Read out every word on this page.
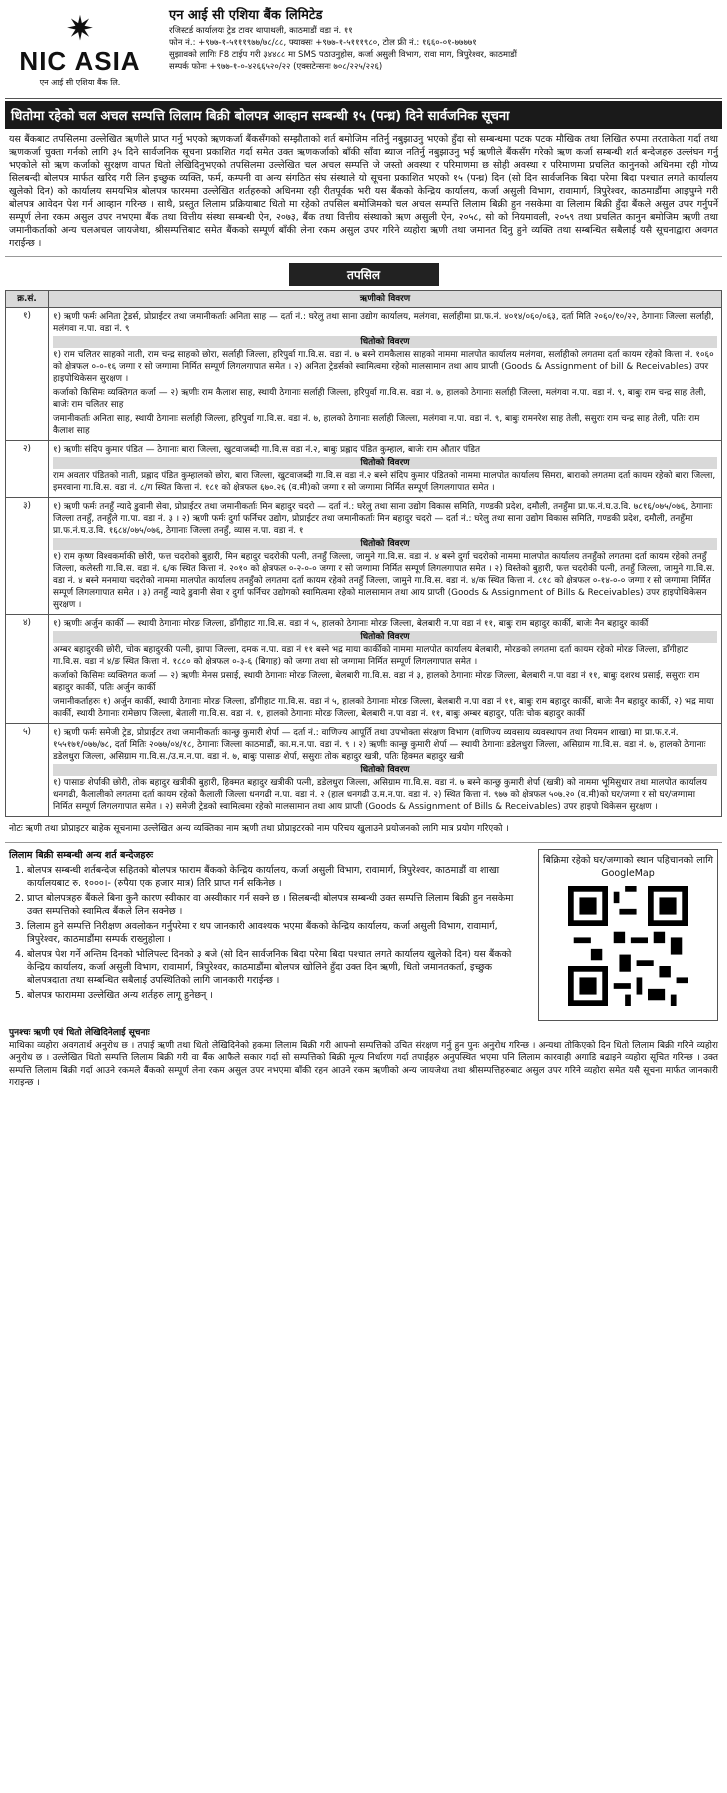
✷
NIC ASIA
एन आई सी एशिया बैंक लि.
एन आई सी एशिया बैंक लिमिटेड
रजिस्टर्ड कार्यालयः ट्रेड टावर थापाथली, काठमाडौं वडा नं. ११
फोन नं.: +९७७-१-५१११९७७/७८/८८, फ्याक्सः +९७७-१-५१११९८०, टोल फ्री नं.: १६६०-०१-७७७७१
सुझावको लागिः F8 टाईप गरी ३४४८८ मा SMS पठाउनुहोस, कर्जा असुली विभाग, रावा माग, त्रिपुरेश्वर, काठमाडौं
सम्पर्क फोनः +९७७-१-०-४२६६५२०/२२ (एक्सटेन्सनः ७०८/२२५/२२६)
धितोमा रहेको चल अचल सम्पत्ति लिलाम बिक्री बोलपत्र आव्हान सम्बन्धी १५ (पन्ध्र) दिने सार्वजनिक सूचना
यस बैंकबाट तपसिलमा उल्लेखित ऋणीले प्राप्त गर्नु भएको ऋणकर्जा बैंकसँगको सम्झौताको शर्त बमोजिम नतिर्नु नबुझाउनु भएको हुँदा सो सम्बन्धमा पटक पटक मौखिक तथा लिखित रुपमा तरताकेता गर्दा तथा ऋणकर्जा चुक्ता गर्नको लागि ३५ दिने सार्वजनिक सूचना प्रकाशित गर्दा समेत उक्त ऋणकर्जाको बाँकी साँवा ब्याज नतिर्नु नबुझाउनु भई ऋणीले बैंकसँग गरेको ऋण कर्जा सम्बन्धी शर्त बन्देजहरु उल्लंघन गर्नु भएकोले सो ऋण कर्जाको सुरक्षण वापत धितो लेखिदिनुभएको तपसिलमा उल्लेखित चल अचल सम्पत्ति जे जस्तो अवस्था र परिमाणमा छ सोही अवस्था र परिमाणमा प्रचलित कानुनको अधिनमा रही गोप्य सिलबन्दी बोलपत्र मार्फत खरिद गरी लिन इच्छुक व्यक्ति, फर्म, कम्पनी वा अन्य संगठित संघ संस्थाले यो सूचना प्रकाशित भएको १५ (पन्ध्र) दिन (सो दिन सार्वजनिक बिदा परेमा बिदा पश्चात लगते कार्यालय खुलेको दिन) को कार्यालय समयभित्र बोलपत्र फारममा उल्लेखित शर्तहरुको अधिनमा रही रीतपूर्वक भरी यस बैंकको केन्द्रिय कार्यालय, कर्जा असुली विभाग, रावामार्ग, त्रिपुरेश्वर, काठमाडौंमा आइपुग्ने गरी बोलपत्र आवेदन पेश गर्न आव्हान गरिन्छ । साथै, प्रस्तुत लिलाम प्रक्रियाबाट धितो मा रहेको तपसिल बमोजिमको चल अचल सम्पत्ति लिलाम बिक्री हुन नसकेमा वा लिलाम बिक्री हुँदा बैंकले असुल उपर गर्नुपर्ने सम्पूर्ण लेना रकम असुल उपर नभएमा बैंक तथा वित्तीय संस्था सम्बन्धी ऐन, २०७३, बैंक तथा वित्तीय संस्थाको ऋण असुली ऐन, २०५८, सो को नियमावली, २०५९ तथा प्रचलित कानुन बमोजिम ऋणी तथा जमानीकर्ताको अन्य चलअचल जायजेथा, श्रीसम्पत्तिबाट समेत बैंकको सम्पूर्ण बाँकी लेना रकम असुल उपर गरिने व्यहोरा ऋणी तथा जमानत दिनु हुने व्यक्ति तथा सम्बन्धित सबैलाई यसै सूचनाद्वारा अवगत गराईन्छ ।
तपसिल
क्र.सं.	ऋणीको विवरण
१)	१) ऋणी फर्मः अनिता ट्रेडर्स, प्रोप्राईटर तथा जमानीकर्ताः अनिता साह — दर्ता नं.: घरेलु तथा साना उद्योग कार्यालय, मलंगवा, सर्लाहीमा प्रा.फ.नं. ४०१४/०६०/०६३, दर्ता मिति २०६०/१०/२२, ठेगानाः जिल्ला सर्लाही, मलंगवा न.पा. वडा नं. ९
धितोको विवरण
१) राम चलितर साहको नाती, राम चन्द्र साहको छोरा, सर्लाही जिल्ला, हरिपुर्वा गा.वि.स. वडा नं. ७ बस्ने रामकैलास साहको नाममा मालपोत कार्यालय मलंगवा, सर्लाहीको लगतमा दर्ता कायम रहेको कित्ता नं. १०६० को क्षेत्रफल ०-०-१६ जग्गा र सो जग्गामा निर्मित सम्पूर्ण लिगलगापात समेत । २) अनिता ट्रेडर्सको स्वामित्वमा रहेको मालसामान तथा आय प्राप्ती (Goods & Assignment of bill & Receivables) उपर हाइपोथिकेसन सुरक्षण ।
कर्जाको किसिमः व्यक्तिगत कर्जा — २) ऋणीः राम कैलाश साह, स्थायी ठेगानाः सर्लाही जिल्ला, हरिपुर्वा गा.वि.स. वडा नं. ७, हालको ठेगानाः सर्लाही जिल्ला, मलंगवा न.पा. वडा नं. ९, बाबुः राम चन्द्र साह तेली, बाजेः राम चलितर साह
जमानीकर्ताः अनिता साह, स्थायी ठेगानाः सर्लाही जिल्ला, हरिपुर्वा गा.वि.स. वडा नं. ७, हालको ठेगानाः सर्लाही जिल्ला, मलंगवा न.पा. वडा नं. ९, बाबुः रामनरेश साह तेली, ससुराः राम चन्द्र साह तेली, पतिः राम कैलाश साह

२)	१) ऋणीः संदिप कुमार पंडित — ठेगानाः बारा जिल्ला, खुटवाजब्दी गा.वि.स वडा नं.२, बाबुः प्रह्लाद पंडित कुम्हाल, बाजेः राम औतार पंडित
धितोको विवरण
राम अवतार पंडितको नाती, प्रह्लाद पंडित कुम्हालको छोरा, बारा जिल्ला, खुटवाजब्दी गा.वि.स वडा नं.२ बस्ने संदिप कुमार पंडितको नाममा मालपोत कार्यालय सिमरा, बाराको लगतमा दर्ता कायम रहेको बारा जिल्ला, इमरवाना गा.वि.स. वडा नं. ८/ग स्थित कित्ता नं. १८१ को क्षेत्रफल ६७०.२६ (व.मी)को जग्गा र सो जग्गामा निर्मित सम्पूर्ण लिगलगापात समेत ।

३)	१) ऋणी फर्मः तनहुँ न्यादे डुवानी सेवा, प्रोप्राईटर तथा जमानीकर्ताः मिन बहादुर चदरो — दर्ता नं.: घरेलु तथा साना उद्योग विकास समिति, गण्डकी प्रदेश, दमौली, तनहुँमा प्रा.फ.नं.घ.उ.वि. ७८१६/०७५/०७६, ठेगानाः जिल्ला तनहुँ, तनहुँले गा.पा. वडा नं. ३ । २) ऋणी फर्मः दुर्गा फर्निचर उद्योग, प्रोप्राईटर तथा जमानीकर्ताः मिन बहादुर चदरो — दर्ता नं.: घरेलु तथा साना उद्योग विकास समिति, गण्डकी प्रदेश, दमौली, तनहुँमा प्रा.फ.नं.घ.उ.वि. १६८४/०७५/०७६, ठेगानाः जिल्ला तनहुँ, व्यास न.पा. वडा नं. १
धितोको विवरण
१) राम कृष्ण विश्वकर्माकी छोरी, फत्त चदरोको बुहारी, मिन बहादुर चदरोकी पत्नी, तनहुँ जिल्ला, जामुने गा.वि.स. वडा नं. ४ बस्ने दुर्गा चदरोको नाममा मालपोत कार्यालय तनहुँको लगतमा दर्ता कायम रहेको तनहुँ जिल्ला, कलेस्ती गा.वि.स. वडा नं. ६/क स्थित कित्ता नं. २०१० को क्षेत्रफल ०-२-०-० जग्गा र सो जग्गामा निर्मित सम्पूर्ण लिगलगापात समेत । २) विस्तेको बुहारी, फत्त चदरोकी पत्नी, तनहुँ जिल्ला, जामुने गा.वि.स. वडा नं. ४ बस्ने मनमाया चदरोको नाममा मालपोत कार्यालय तनहुँको लगतमा दर्ता कायम रहेको तनहुँ जिल्ला, जामुने गा.वि.स. वडा नं. ४/क स्थित कित्ता नं. ८१८ को क्षेत्रफल ०-१४-०-० जग्गा र सो जग्गामा निर्मित सम्पूर्ण लिगलगापात समेत । ३) तनहुँ न्यादे डुवानी सेवा र दुर्गा फर्निचर उद्योगको स्वामित्वमा रहेको मालसामान तथा आय प्राप्ती (Goods & Assignment of Bills & Receivables) उपर हाइपोथिकेसन सुरक्षण ।

४)	१) ऋणीः अर्जुन कार्की — स्थायी ठेगानाः मोरङ जिल्ला, डाँगीहाट गा.वि.स. वडा नं ५, हालको ठेगानाः मोरङ जिल्ला, बेलबारी न.पा वडा नं ११, बाबुः राम बहादुर कार्की, बाजेः नैन बहादुर कार्की
धितोको विवरण
अम्बर बहादुरकी छोरी, चोक बहादुरकी पत्नी, झापा जिल्ला, दमक न.पा. वडा नं ११ बस्ने भद्र माया कार्कीको नाममा मालपोत कार्यालय बेलबारी, मोरङको लगतमा दर्ता कायम रहेको मोरङ जिल्ला, डाँगीहाट गा.वि.स. वडा नं ४/ङ स्थित कित्ता नं. १८८० को क्षेत्रफल ०-३-६ (बिगाह) को जग्गा तथा सो जग्गामा निर्मित सम्पूर्ण लिगलगापात समेत ।
कर्जाको किसिमः व्यक्तिगत कर्जा — २) ऋणीः मेनस प्रसाई, स्थायी ठेगानाः मोरङ जिल्ला, बेलबारी गा.वि.स. वडा नं ३, हालको ठेगानाः मोरङ जिल्ला, बेलबारी न.पा वडा नं ११, बाबुः दशरथ प्रसाई, ससुराः राम बहादुर कार्की, पतिः अर्जुन कार्की
जमानीकर्ताहरुः १) अर्जुन कार्की, स्थायी ठेगानाः मोरङ जिल्ला, डाँगीहाट गा.वि.स. वडा नं ५, हालको ठेगानाः मोरङ जिल्ला, बेलबारी न.पा वडा नं ११, बाबुः राम बहादुर कार्की, बाजेः नैन बहादुर कार्की, २) भद्र माया कार्की, स्थायी ठेगानाः रामेछाप जिल्ला, बेताली गा.वि.स. वडा नं. १, हालको ठेगानाः मोरङ जिल्ला, बेलबारी न.पा वडा नं. ११, बाबुः अम्बर बहादुर, पतिः चोक बहादुर कार्की

५)	१) ऋणी फर्मः समेजी ट्रेड, प्रोप्राईटर तथा जमानीकर्ताः कान्छु कुमारी शेर्पा — दर्ता नं.: वाणिज्य आपूर्ति तथा उपभोक्ता संरक्षण विभाग (वाणिज्य व्यवसाय व्यवस्थापन तथा नियमन शाखा) मा प्रा.फ.र.नं. १५५१७१/०७७/७८, दर्ता मितिः २०७७/०४/१८, ठेगानाः जिल्ला काठमाडौं, का.म.न.पा. वडा नं. ९ । २) ऋणीः कान्छु कुमारी शेर्पा — स्थायी ठेगानाः डडेलधुरा जिल्ला, असिग्राम गा.वि.स. वडा नं. ७, हालको ठेगानाः डडेलधुरा जिल्ला, असिग्राम गा.वि.स./उ.म.न.पा. वडा नं. ७, बाबुः पासाङ शेर्पा, ससुराः तोक बहादुर खत्री, पतिः हिक्मत बहादुर खत्री
धितोको विवरण
१) पासाङ शेर्पाकी छोरी, तोक बहादुर खत्रीकी बुहारी, हिक्मत बहादुर खत्रीकी पत्नी, डडेलधुरा जिल्ला, असिग्राम गा.वि.स. वडा नं. ७ बस्ने कान्छु कुमारी शेर्पा (खत्री) को नाममा भूमिसुधार तथा मालपोत कार्यालय धनगढी, कैलालीको लगतमा दर्ता कायम रहेको कैलाली जिल्ला धनगढी न.पा. वडा नं. २ (हाल धनगढी उ.म.न.पा. वडा नं. २) स्थित कित्ता नं. ९७७ को क्षेत्रफल ५०७.२० (व.मी)को घर/जग्गा र सो घर/जग्गामा निर्मित सम्पूर्ण लिगलगापात समेत । २) समेजी ट्रेडको स्वामित्वमा रहेको मालसामान तथा आय प्राप्ती (Goods & Assignment of Bills & Receivables) उपर हाइपो थिकेसन सुरक्षण ।
नोटः ऋणी तथा प्रोप्राइटर बाहेक सूचनामा उल्लेखित अन्य व्यक्तिका नाम ऋणी तथा प्रोप्राइटरको नाम परिचय खुलाउने प्रयोजनको लागि मात्र प्रयोग गरिएको ।
लिलाम बिक्री सम्बन्धी अन्य शर्त बन्देजहरुः
1. बोलपत्र सम्बन्धी शर्तबन्देज सहितको बोलपत्र फाराम बैंकको केन्द्रिय कार्यालय, कर्जा असुली विभाग, रावामार्ग, त्रिपुरेश्वर, काठमाडौं वा शाखा कार्यालयबाट रु. १०००।- (रुपैया एक हजार मात्र) तिरि प्राप्त गर्न सकिनेछ ।
2. प्राप्त बोलपत्रहरु बैंकले बिना कुनै कारण स्वीकार वा अस्वीकार गर्न सक्ने छ । सिलबन्दी बोलपत्र सम्बन्धी उक्त सम्पत्ति लिलाम बिक्री हुन नसकेमा उक्त सम्पत्तिको स्वामित्व बैंकले लिन सक्नेछ ।
3. लिलाम हुने सम्पत्ति निरीक्षण अवलोकन गर्नुपरेमा र थप जानकारी आवश्यक भएमा बैंकको केन्द्रिय कार्यालय, कर्जा असुली विभाग, रावामार्ग, त्रिपुरेश्वर, काठमाडौंमा सम्पर्क राख्नुहोला ।
4. बोलपत्र पेश गर्ने अन्तिम दिनको भोलिपल्ट दिनको ३ बजे (सो दिन सार्वजनिक बिदा परेमा बिदा पश्चात लगते कार्यालय खुलेको दिन) यस बैंकको केन्द्रिय कार्यालय, कर्जा असुली विभाग, रावामार्ग, त्रिपुरेश्वर, काठमाडौंमा बोलपत्र खोलिने हुँदा उक्त दिन ऋणी, धितो जमानतकर्ता, इच्छुक बोलपत्रदाता तथा सम्बन्धित सबैलाई उपस्थितिको लागि जानकारी गराईन्छ ।
5. बोलपत्र फाराममा उल्लेखित अन्य शर्तहरु लागू हुनेछन् ।
बिक्रिमा रहेको घर/जग्गाको स्थान पहिचानको लागि
GoogleMap
पुनश्चः ऋणी एवं धितो लेखिदिनेलाई सूचनाः
माथिका व्यहोरा अवगतार्थ अनुरोध छ । तपाई ऋणी तथा धितो लेखिदिनेको हकमा लिलाम बिक्री गरी आफ्नो सम्पत्तिको उचित संरक्षण गर्नु हुन पुनः अनुरोध गरिन्छ । अन्यथा तोकिएको दिन धितो लिलाम बिक्री गरिने व्यहोरा अनुरोध छ । उल्लेखित धितो सम्पत्ति लिलाम बिक्री गरी वा बैंक आफैले सकार गर्दा सो सम्पत्तिको बिक्री मूल्य निर्धारण गर्दा तपाईहरु अनुपस्थित भएमा पनि लिलाम कारवाही अगाडि बढाइने व्यहोरा सूचित गरिन्छ । उक्त सम्पत्ति लिलाम बिक्री गर्दा आउने रकमले बैंकको सम्पूर्ण लेना रकम असुल उपर नभएमा बाँकी रहन आउने रकम ऋणीको अन्य जायजेथा तथा श्रीसम्पत्तिहरुबाट असुल उपर गरिने व्यहोरा समेत यसै सूचना मार्फत जानकारी गराइन्छ ।
